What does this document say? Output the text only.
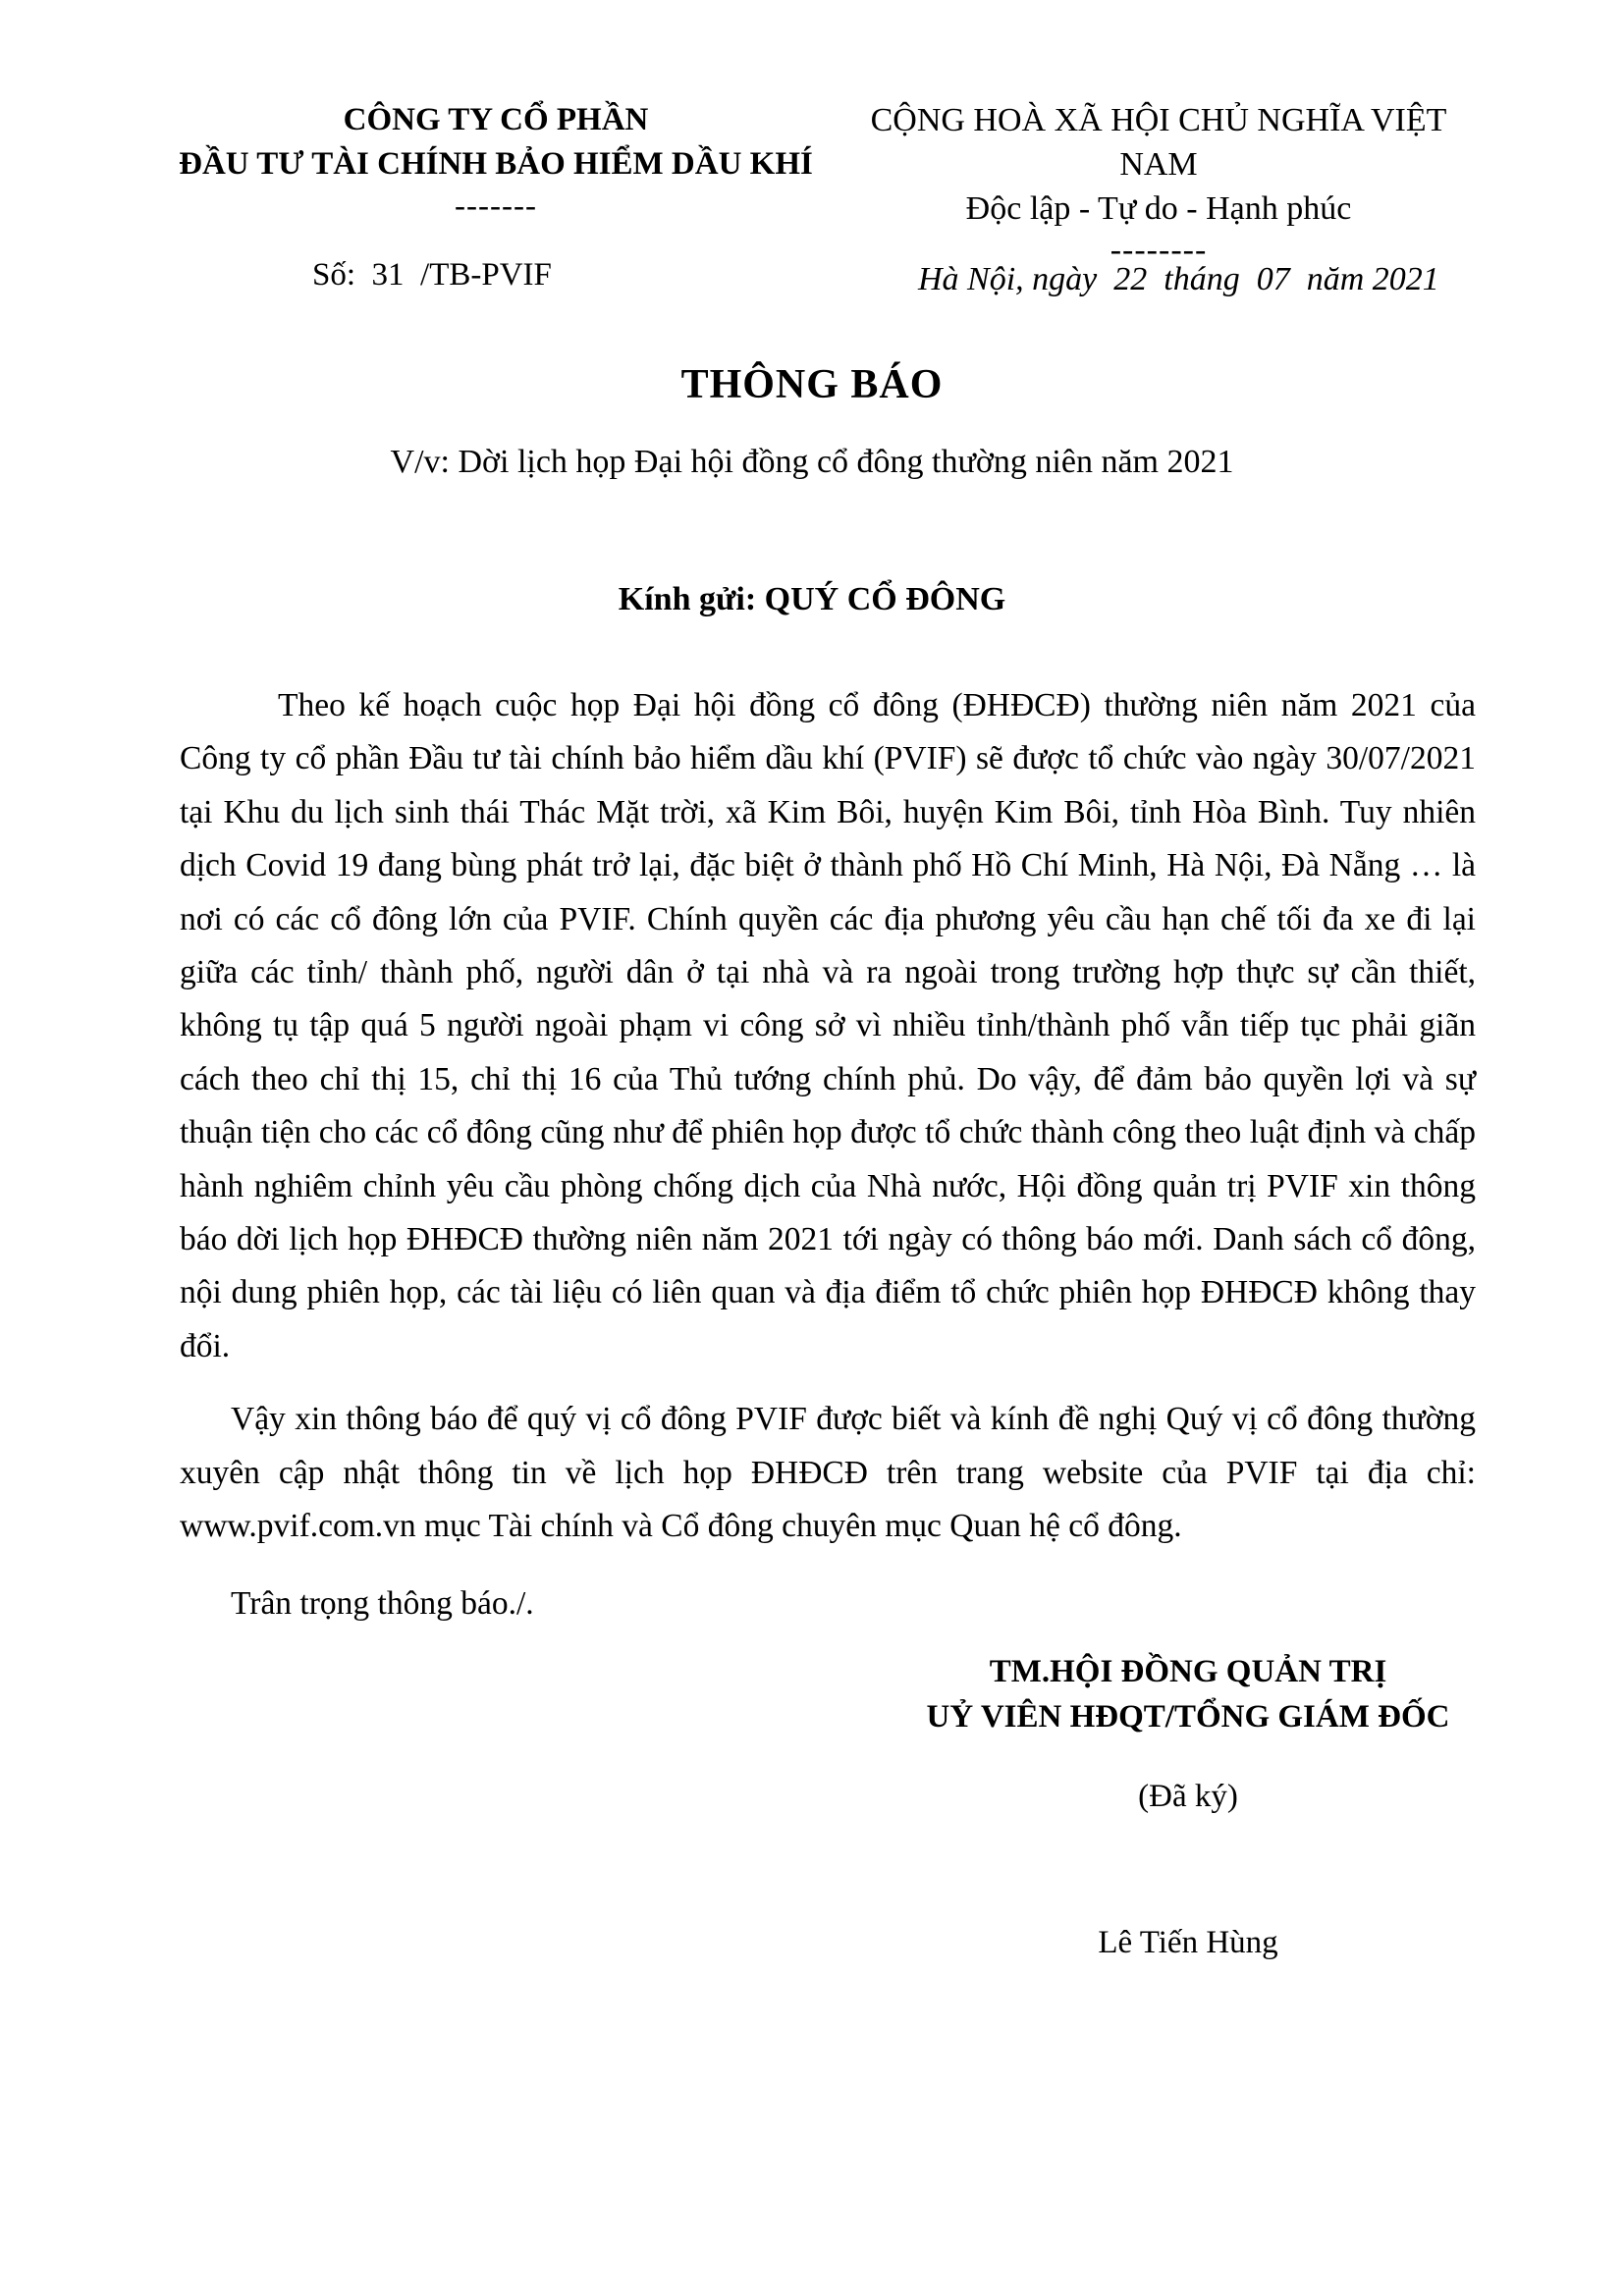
CÔNG TY CỔ PHẦN
ĐẦU TƯ TÀI CHÍNH BẢO HIỂM DẦU KHÍ
-------
CỘNG HOÀ XÃ HỘI CHỦ NGHĨA VIỆT NAM
Độc lập - Tự do - Hạnh phúc
--------
Số:  31  /TB-PVIF	Hà Nội, ngày  22  tháng  07  năm 2021
THÔNG BÁO
V/v: Dời lịch họp Đại hội đồng cổ đông thường niên năm 2021
Kính gửi: QUÝ CỔ ĐÔNG

Theo kế hoạch cuộc họp Đại hội đồng cổ đông (ĐHĐCĐ) thường niên năm 2021 của Công ty cổ phần Đầu tư tài chính bảo hiểm dầu khí (PVIF) sẽ được tổ chức vào ngày 30/07/2021 tại Khu du lịch sinh thái Thác Mặt trời, xã Kim Bôi, huyện Kim Bôi, tỉnh Hòa Bình. Tuy nhiên dịch Covid 19 đang bùng phát trở lại, đặc biệt ở thành phố Hồ Chí Minh, Hà Nội, Đà Nẵng … là nơi có các cổ đông lớn của PVIF. Chính quyền các địa phương yêu cầu hạn chế tối đa xe đi lại giữa các tỉnh/ thành phố, người dân ở tại nhà và ra ngoài trong trường hợp thực sự cần thiết, không tụ tập quá 5 người ngoài phạm vi công sở vì nhiều tỉnh/thành phố vẫn tiếp tục phải giãn cách theo chỉ thị 15, chỉ thị 16 của Thủ tướng chính phủ. Do vậy, để đảm bảo quyền lợi và sự thuận tiện cho các cổ đông cũng như để phiên họp được tổ chức thành công theo luật định và chấp hành nghiêm chỉnh yêu cầu phòng chống dịch của Nhà nước, Hội đồng quản trị PVIF xin thông báo dời lịch họp ĐHĐCĐ thường niên năm 2021 tới ngày có thông báo mới. Danh sách cổ đông, nội dung phiên họp, các tài liệu có liên quan và địa điểm tổ chức phiên họp ĐHĐCĐ không thay đổi.

Vậy xin thông báo để quý vị cổ đông PVIF được biết và kính đề nghị Quý vị cổ đông thường xuyên cập nhật thông tin về lịch họp ĐHĐCĐ trên trang website của PVIF tại địa chỉ: www.pvif.com.vn mục Tài chính và Cổ đông chuyên mục Quan hệ cổ đông.

Trân trọng thông báo./.

TM.HỘI ĐỒNG QUẢN TRỊ
UỶ VIÊN HĐQT/TỔNG GIÁM ĐỐC
(Đã ký)
Lê Tiến Hùng
